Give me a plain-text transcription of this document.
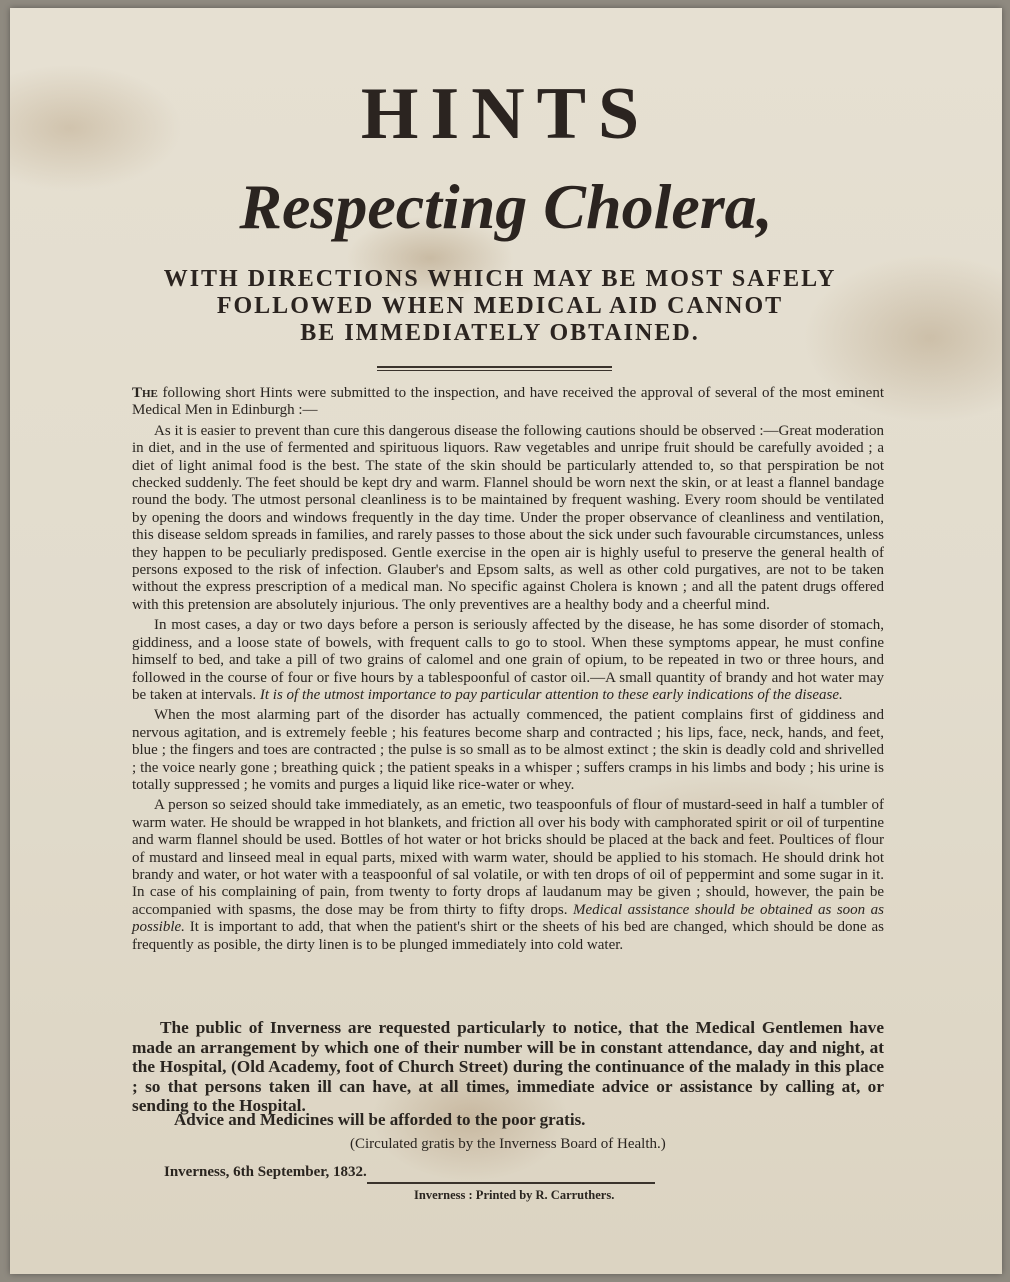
HINTS
Respecting Cholera,
WITH DIRECTIONS WHICH MAY BE MOST SAFELY
FOLLOWED WHEN MEDICAL AID CANNOT
BE IMMEDIATELY OBTAINED.

The following short Hints were submitted to the inspection, and have received the approval of several of the most eminent Medical Men in Edinburgh :—

As it is easier to prevent than cure this dangerous disease the following cautions should be observed :—Great moderation in diet, and in the use of fermented and spirituous liquors. Raw vegetables and unripe fruit should be carefully avoided ; a diet of light animal food is the best. The state of the skin should be particularly attended to, so that perspiration be not checked suddenly. The feet should be kept dry and warm. Flannel should be worn next the skin, or at least a flannel bandage round the body. The utmost personal cleanliness is to be maintained by frequent washing. Every room should be ventilated by opening the doors and windows frequently in the day time. Under the proper observance of cleanliness and ventilation, this disease seldom spreads in families, and rarely passes to those about the sick under such favourable circumstances, unless they happen to be peculiarly predisposed. Gentle exercise in the open air is highly useful to preserve the general health of persons exposed to the risk of infection. Glauber's and Epsom salts, as well as other cold purgatives, are not to be taken without the express prescription of a medical man. No specific against Cholera is known ; and all the patent drugs offered with this pretension are absolutely injurious. The only preventives are a healthy body and a cheerful mind.

In most cases, a day or two days before a person is seriously affected by the disease, he has some disorder of stomach, giddiness, and a loose state of bowels, with frequent calls to go to stool. When these symptoms appear, he must confine himself to bed, and take a pill of two grains of calomel and one grain of opium, to be repeated in two or three hours, and followed in the course of four or five hours by a tablespoonful of castor oil.—A small quantity of brandy and hot water may be taken at intervals. It is of the utmost importance to pay particular attention to these early indications of the disease.

When the most alarming part of the disorder has actually commenced, the patient complains first of giddiness and nervous agitation, and is extremely feeble ; his features become sharp and contracted ; his lips, face, neck, hands, and feet, blue ; the fingers and toes are contracted ; the pulse is so small as to be almost extinct ; the skin is deadly cold and shrivelled ; the voice nearly gone ; breathing quick ; the patient speaks in a whisper ; suffers cramps in his limbs and body ; his urine is totally suppressed ; he vomits and purges a liquid like rice-water or whey.

A person so seized should take immediately, as an emetic, two teaspoonfuls of flour of mustard-seed in half a tumbler of warm water. He should be wrapped in hot blankets, and friction all over his body with camphorated spirit or oil of turpentine and warm flannel should be used. Bottles of hot water or hot bricks should be placed at the back and feet. Poultices of flour of mustard and linseed meal in equal parts, mixed with warm water, should be applied to his stomach. He should drink hot brandy and water, or hot water with a teaspoonful of sal volatile, or with ten drops of oil of peppermint and some sugar in it. In case of his complaining of pain, from twenty to forty drops af laudanum may be given ; should, however, the pain be accompanied with spasms, the dose may be from thirty to fifty drops. Medical assistance should be obtained as soon as possible. It is important to add, that when the patient's shirt or the sheets of his bed are changed, which should be done as frequently as posible, the dirty linen is to be plunged immediately into cold water.

The public of Inverness are requested particularly to notice, that the Medical Gentlemen have made an arrangement by which one of their number will be in constant attendance, day and night, at the Hospital, (Old Academy, foot of Church Street) during the continuance of the malady in this place ; so that persons taken ill can have, at all times, immediate advice or assistance by calling at, or sending to the Hospital.
Advice and Medicines will be afforded to the poor gratis.
(Circulated gratis by the Inverness Board of Health.)
Inverness, 6th September, 1832.
Inverness : Printed by R. Carruthers.
